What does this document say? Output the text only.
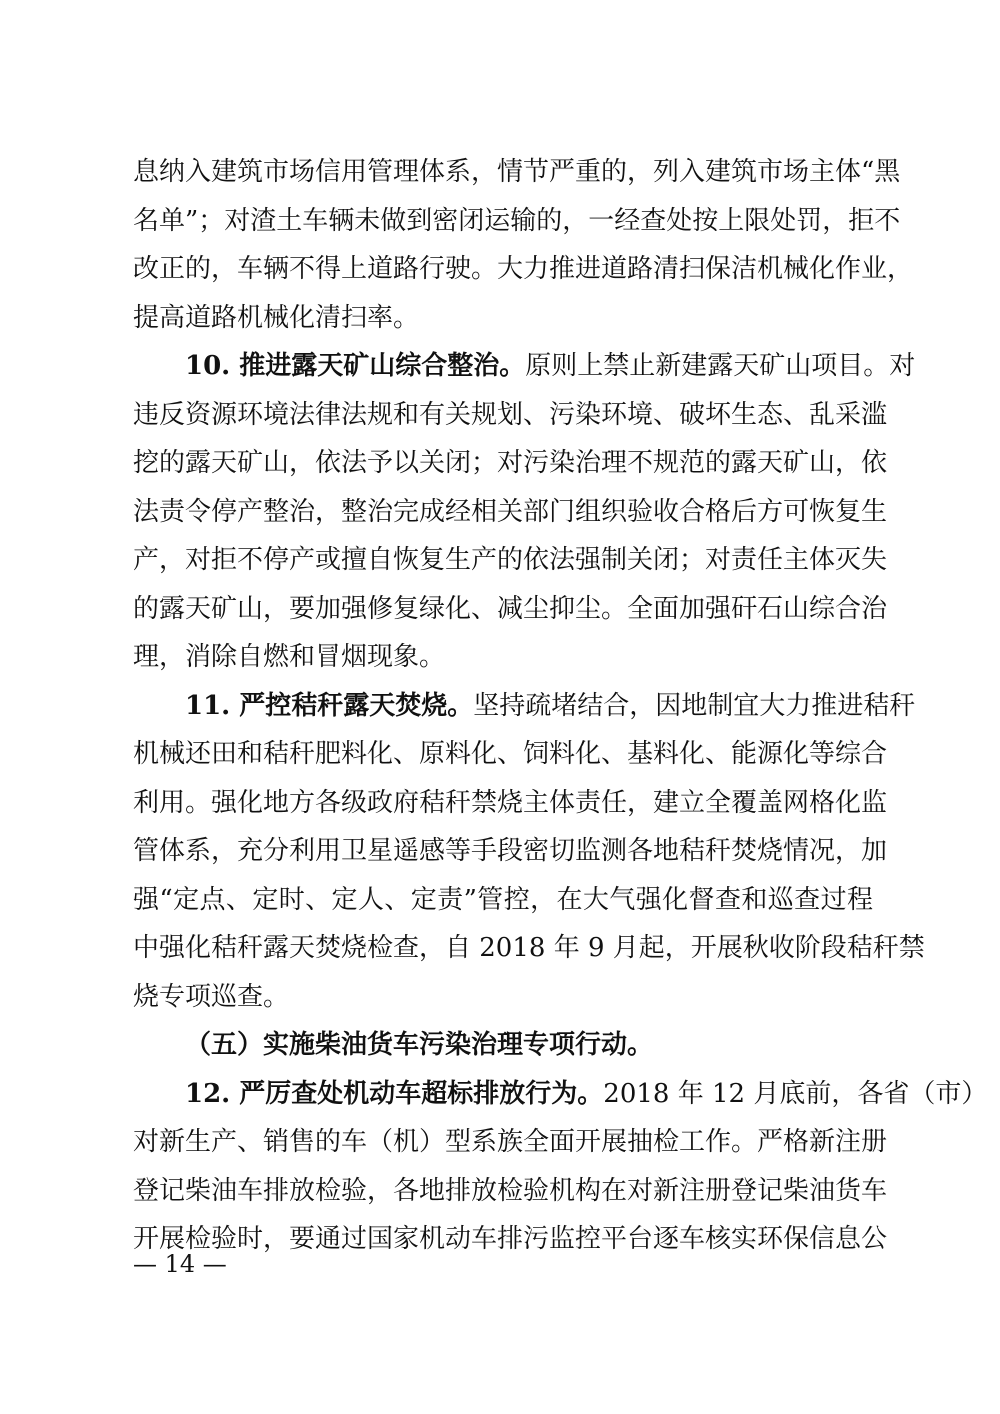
息纳入建筑市场信用管理体系，情节严重的，列入建筑市场主体“黑
名单”；对渣土车辆未做到密闭运输的，一经查处按上限处罚，拒不
改正的，车辆不得上道路行驶。大力推进道路清扫保洁机械化作业，
提高道路机械化清扫率。
10. 推进露天矿山综合整治。原则上禁止新建露天矿山项目。对
违反资源环境法律法规和有关规划、污染环境、破坏生态、乱采滥
挖的露天矿山，依法予以关闭；对污染治理不规范的露天矿山，依
法责令停产整治，整治完成经相关部门组织验收合格后方可恢复生
产，对拒不停产或擅自恢复生产的依法强制关闭；对责任主体灭失
的露天矿山，要加强修复绿化、减尘抑尘。全面加强矸石山综合治
理，消除自燃和冒烟现象。
11. 严控秸秆露天焚烧。坚持疏堵结合，因地制宜大力推进秸秆
机械还田和秸秆肥料化、原料化、饲料化、基料化、能源化等综合
利用。强化地方各级政府秸秆禁烧主体责任，建立全覆盖网格化监
管体系，充分利用卫星遥感等手段密切监测各地秸秆焚烧情况，加
强“定点、定时、定人、定责”管控，在大气强化督查和巡查过程
中强化秸秆露天焚烧检查，自 2018 年 9 月起，开展秋收阶段秸秆禁
烧专项巡查。
（五）实施柴油货车污染治理专项行动。
12. 严厉查处机动车超标排放行为。2018 年 12 月底前，各省（市）
对新生产、销售的车（机）型系族全面开展抽检工作。严格新注册
登记柴油车排放检验，各地排放检验机构在对新注册登记柴油货车
开展检验时，要通过国家机动车排污监控平台逐车核实环保信息公
— 14 —
